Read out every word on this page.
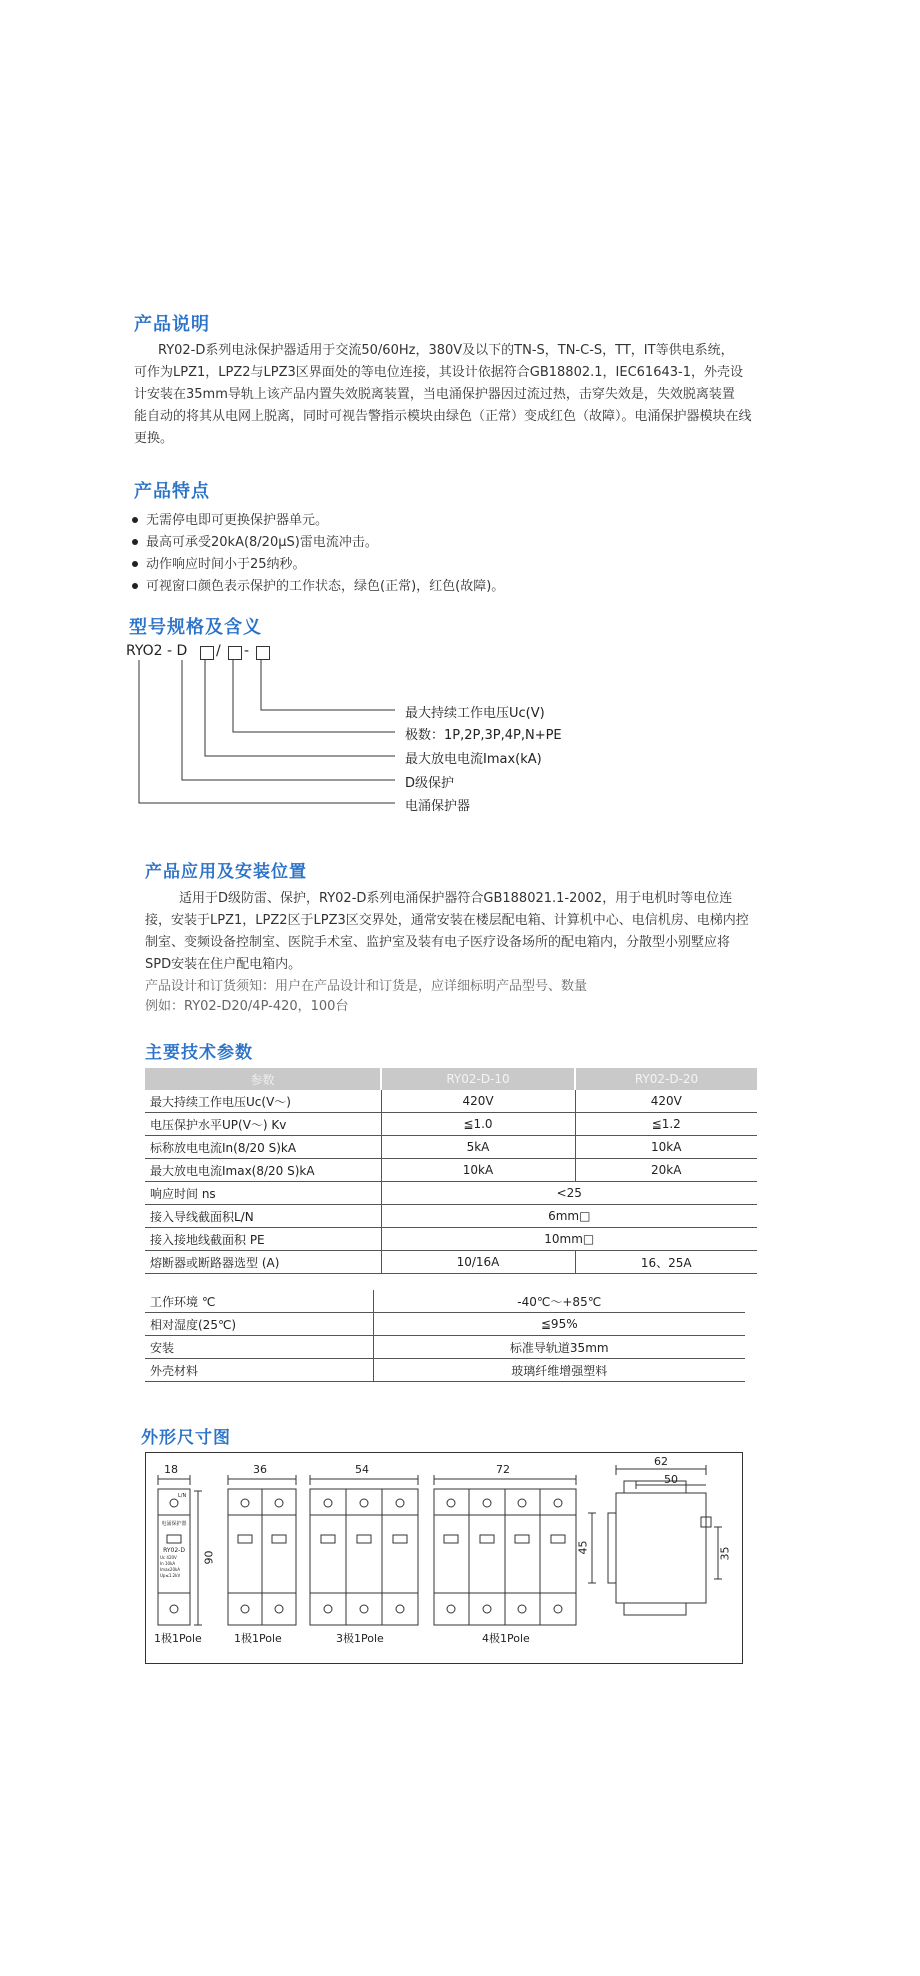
产品说明
RY02-D系列电泳保护器适用于交流50/60Hz，380V及以下的TN-S，TN-C-S，TT，IT等供电系统，
可作为LPZ1，LPZ2与LPZ3区界面处的等电位连接，其设计依据符合GB18802.1，IEC61643-1，外壳设
计安装在35mm导轨上该产品内置失效脱离装置，当电涌保护器因过流过热，击穿失效是，失效脱离装置
能自动的将其从电网上脱离，同时可视告警指示模块由绿色（正常）变成红色（故障）。电涌保护器模块在线
更换。
产品特点
无需停电即可更换保护器单元。
最高可承受20kA(8/20μS)雷电流冲击。
动作响应时间小于25纳秒。
可视窗口颜色表示保护的工作状态，绿色(正常)，红色(故障)。
型号规格及含义
RYO2 - D / -
最大持续工作电压Uc(V)
极数：1P,2P,3P,4P,N+PE
最大放电电流Imax(kA)
D级保护
电涌保护器
产品应用及安装位置
适用于D级防雷、保护，RY02-D系列电涌保护器符合GB188021.1-2002，用于电机时等电位连
接，安装于LPZ1，LPZ2区于LPZ3区交界处，通常安装在楼层配电箱、计算机中心、电信机房、电梯内控
制室、变频设备控制室、医院手术室、监护室及装有电子医疗设备场所的配电箱内，分散型小别墅应将
SPD安装在住户配电箱内。
产品设计和订货须知：用户在产品设计和订货是，应详细标明产品型号、数量
例如：RY02-D20/4P-420，100台
主要技术参数
参数	RY02-D-10	RY02-D-20
最大持续工作电压Uc(V～)	420V	420V
电压保护水平UP(V～) Kv	≦1.0	≦1.2
标称放电电流In(8/20 S)kA	5kA	10kA
最大放电电流Imax(8/20 S)kA	10kA	20kA
响应时间 ns	<25	
接入导线截面积L/N	6mm□	
接入接地线截面积 PE	10mm□	
熔断器或断路器选型 (A)	10/16A	16、25A
工作环境 ℃	-40℃～+85℃
相对湿度(25℃)	≦95%
安装	标准导轨道35mm
外壳材料	玻璃纤维增强塑料
外形尺寸图
18	36	54	72
90
1极1Pole	1极1Pole	3极1Pole	4极1Pole
电涌保护器
RY02-D
Uc 420V
In 10kA
Imax20kA
Up≤1.2kV
L/N
62
50
45	35
